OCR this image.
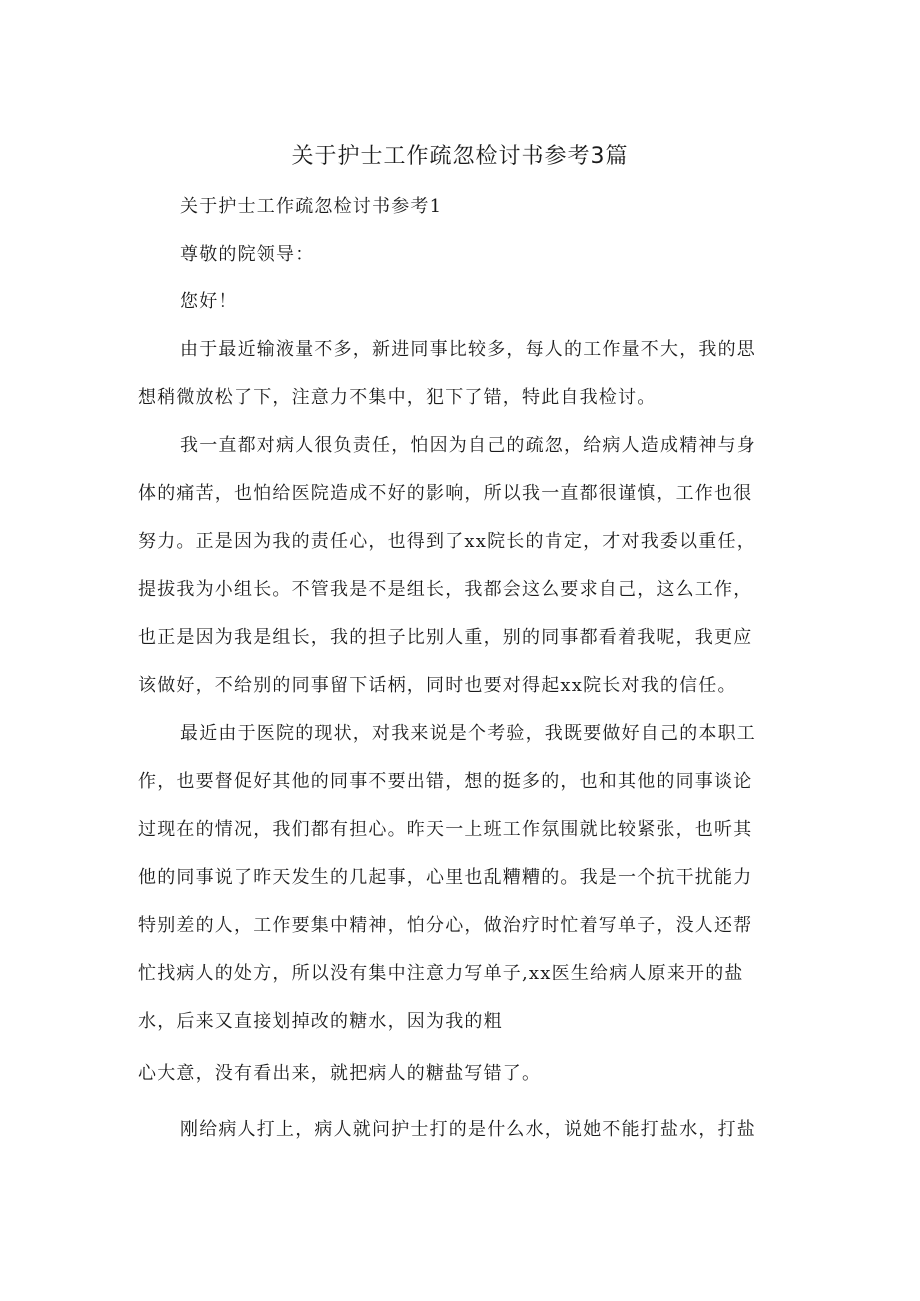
关于护士工作疏忽检讨书参考3篇
关于护士工作疏忽检讨书参考1
尊敬的院领导：
您好！
由于最近输液量不多，新进同事比较多，每人的工作量不大，我的思
想稍微放松了下，注意力不集中，犯下了错，特此自我检讨。
我一直都对病人很负责任，怕因为自己的疏忽，给病人造成精神与身
体的痛苦，也怕给医院造成不好的影响，所以我一直都很谨慎，工作也很
努力。正是因为我的责任心，也得到了xx院长的肯定，才对我委以重任，
提拔我为小组长。不管我是不是组长，我都会这么要求自己，这么工作，
也正是因为我是组长，我的担子比别人重，别的同事都看着我呢，我更应
该做好，不给别的同事留下话柄，同时也要对得起xx院长对我的信任。
最近由于医院的现状，对我来说是个考验，我既要做好自己的本职工
作，也要督促好其他的同事不要出错，想的挺多的，也和其他的同事谈论
过现在的情况，我们都有担心。昨天一上班工作氛围就比较紧张，也听其
他的同事说了昨天发生的几起事，心里也乱糟糟的。我是一个抗干扰能力
特别差的人，工作要集中精神，怕分心，做治疗时忙着写单子，没人还帮
忙找病人的处方，所以没有集中注意力写单子,xx医生给病人原来开的盐
水，后来又直接划掉改的糖水，因为我的粗
心大意，没有看出来，就把病人的糖盐写错了。
刚给病人打上，病人就问护士打的是什么水，说她不能打盐水，打盐
